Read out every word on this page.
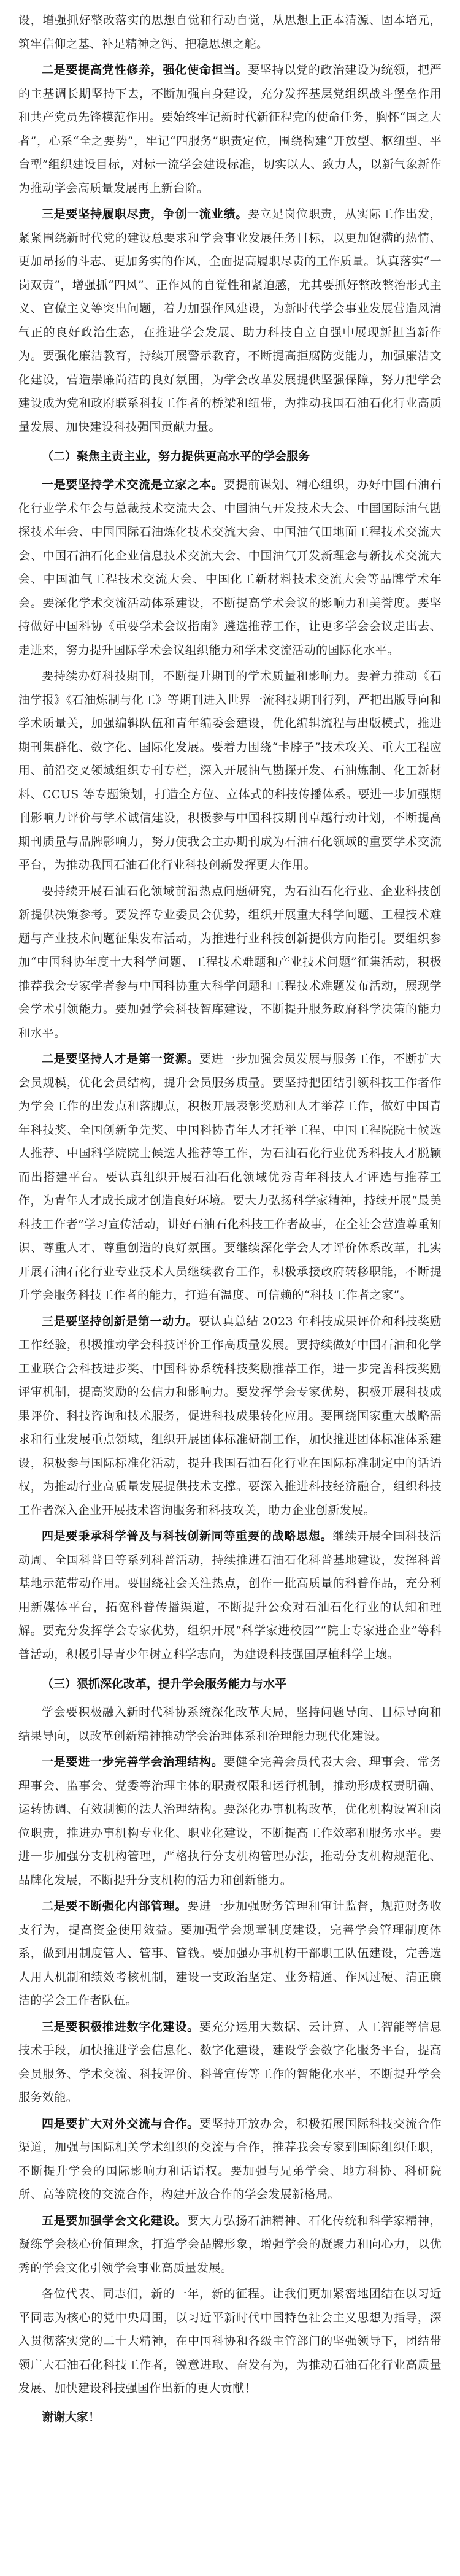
设，增强抓好整改落实的思想自觉和行动自觉，从思想上正本清源、固本培元，筑牢信仰之基、补足精神之钙、把稳思想之舵。

二是要提高党性修养，强化使命担当。要坚持以党的政治建设为统领，把严的主基调长期坚持下去，不断加强自身建设，充分发挥基层党组织战斗堡垒作用和共产党员先锋模范作用。要始终牢记新时代新征程党的使命任务，胸怀“国之大者”，心系“全之要势”，牢记“四服务”职责定位，围绕构建“开放型、枢纽型、平台型”组织建设目标，对标一流学会建设标准，切实以人、致力人，以新气象新作为推动学会高质量发展再上新台阶。

三是要坚持履职尽责，争创一流业绩。要立足岗位职责，从实际工作出发，紧紧围绕新时代党的建设总要求和学会事业发展任务目标，以更加饱满的热情、更加昂扬的斗志、更加务实的作风，全面提高履职尽责的工作质量。认真落实“一岗双责”，增强抓“四风”、正作风的自觉性和紧迫感，尤其要抓好整改整治形式主义、官僚主义等突出问题，着力加强作风建设，为新时代学会事业发展营造风清气正的良好政治生态，在推进学会发展、助力科技自立自强中展现新担当新作为。要强化廉洁教育，持续开展警示教育，不断提高拒腐防变能力，加强廉洁文化建设，营造崇廉尚洁的良好氛围，为学会改革发展提供坚强保障，努力把学会建设成为党和政府联系科技工作者的桥梁和纽带，为推动我国石油石化行业高质量发展、加快建设科技强国贡献力量。

（二）聚焦主责主业，努力提供更高水平的学会服务

一是要坚持学术交流是立家之本。要提前谋划、精心组织，办好中国石油石化行业学术年会与总裁技术交流大会、中国油气开发技术大会、中国国际油气勘探技术年会、中国国际石油炼化技术交流大会、中国油气田地面工程技术交流大会、中国石油石化企业信息技术交流大会、中国油气开发新理念与新技术交流大会、中国油气工程技术交流大会、中国化工新材料技术交流大会等品牌学术年会。要深化学术交流活动体系建设，不断提高学术会议的影响力和美誉度。要坚持做好中国科协《重要学术会议指南》遴选推荐工作，让更多学会会议走出去、走进来，努力提升国际学术会议组织能力和学术交流活动的国际化水平。

要持续办好科技期刊，不断提升期刊的学术质量和影响力。要着力推动《石油学报》《石油炼制与化工》等期刊进入世界一流科技期刊行列，严把出版导向和学术质量关，加强编辑队伍和青年编委会建设，优化编辑流程与出版模式，推进期刊集群化、数字化、国际化发展。要着力围绕“卡脖子”技术攻关、重大工程应用、前沿交叉领域组织专刊专栏，深入开展油气勘探开发、石油炼制、化工新材料、CCUS 等专题策划，打造全方位、立体式的科技传播体系。要进一步加强期刊影响力评价与学术诚信建设，积极参与中国科技期刊卓越行动计划，不断提高期刊质量与品牌影响力，努力使我会主办期刊成为石油石化领域的重要学术交流平台，为推动我国石油石化行业科技创新发挥更大作用。

要持续开展石油石化领域前沿热点问题研究，为石油石化行业、企业科技创新提供决策参考。要发挥专业委员会优势，组织开展重大科学问题、工程技术难题与产业技术问题征集发布活动，为推进行业科技创新提供方向指引。要组织参加“中国科协年度十大科学问题、工程技术难题和产业技术问题”征集活动，积极推荐我会专家学者参与中国科协重大科学问题和工程技术难题发布活动，展现学会学术引领能力。要加强学会科技智库建设，不断提升服务政府科学决策的能力和水平。

二是要坚持人才是第一资源。要进一步加强会员发展与服务工作，不断扩大会员规模，优化会员结构，提升会员服务质量。要坚持把团结引领科技工作者作为学会工作的出发点和落脚点，积极开展表彰奖励和人才举荐工作，做好中国青年科技奖、全国创新争先奖、中国科协青年人才托举工程、中国工程院院士候选人推荐、中国科学院院士候选人推荐等工作，为石油石化行业优秀科技人才脱颖而出搭建平台。要认真组织开展石油石化领域优秀青年科技人才评选与推荐工作，为青年人才成长成才创造良好环境。要大力弘扬科学家精神，持续开展“最美科技工作者”学习宣传活动，讲好石油石化科技工作者故事，在全社会营造尊重知识、尊重人才、尊重创造的良好氛围。要继续深化学会人才评价体系改革，扎实开展石油石化行业专业技术人员继续教育工作，积极承接政府转移职能，不断提升学会服务科技工作者的能力，打造有温度、可信赖的“科技工作者之家”。

三是要坚持创新是第一动力。要认真总结 2023 年科技成果评价和科技奖励工作经验，积极推动学会科技评价工作高质量发展。要持续做好中国石油和化学工业联合会科技进步奖、中国科协系统科技奖励推荐工作，进一步完善科技奖励评审机制，提高奖励的公信力和影响力。要发挥学会专家优势，积极开展科技成果评价、科技咨询和技术服务，促进科技成果转化应用。要围绕国家重大战略需求和行业发展重点领域，组织开展团体标准研制工作，加快推进团体标准体系建设，积极参与国际标准化活动，提升我国石油石化行业在国际标准制定中的话语权，为推动行业高质量发展提供技术支撑。要深入推进科技经济融合，组织科技工作者深入企业开展技术咨询服务和科技攻关，助力企业创新发展。

四是要秉承科学普及与科技创新同等重要的战略思想。继续开展全国科技活动周、全国科普日等系列科普活动，持续推进石油石化科普基地建设，发挥科普基地示范带动作用。要围绕社会关注热点，创作一批高质量的科普作品，充分利用新媒体平台，拓宽科普传播渠道，不断提升公众对石油石化行业的认知和理解。要充分发挥学会专家优势，组织开展“科学家进校园”“院士专家进企业”等科普活动，积极引导青少年树立科学志向，为建设科技强国厚植科学土壤。

（三）狠抓深化改革，提升学会服务能力与水平

学会要积极融入新时代科协系统深化改革大局，坚持问题导向、目标导向和结果导向，以改革创新精神推动学会治理体系和治理能力现代化建设。

一是要进一步完善学会治理结构。要健全完善会员代表大会、理事会、常务理事会、监事会、党委等治理主体的职责权限和运行机制，推动形成权责明确、运转协调、有效制衡的法人治理结构。要深化办事机构改革，优化机构设置和岗位职责，推进办事机构专业化、职业化建设，不断提高工作效率和服务水平。要进一步加强分支机构管理，严格执行分支机构管理办法，推动分支机构规范化、品牌化发展，不断提升分支机构的活力和创新能力。

二是要不断强化内部管理。要进一步加强财务管理和审计监督，规范财务收支行为，提高资金使用效益。要加强学会规章制度建设，完善学会管理制度体系，做到用制度管人、管事、管钱。要加强办事机构干部职工队伍建设，完善选人用人机制和绩效考核机制，建设一支政治坚定、业务精通、作风过硬、清正廉洁的学会工作者队伍。

三是要积极推进数字化建设。要充分运用大数据、云计算、人工智能等信息技术手段，加快推进学会信息化、数字化建设，建设学会数字化服务平台，提高会员服务、学术交流、科技评价、科普宣传等工作的智能化水平，不断提升学会服务效能。

四是要扩大对外交流与合作。要坚持开放办会，积极拓展国际科技交流合作渠道，加强与国际相关学术组织的交流与合作，推荐我会专家到国际组织任职，不断提升学会的国际影响力和话语权。要加强与兄弟学会、地方科协、科研院所、高等院校的交流合作，构建开放合作的学会发展新格局。

五是要加强学会文化建设。要大力弘扬石油精神、石化传统和科学家精神，凝练学会核心价值理念，打造学会品牌形象，增强学会的凝聚力和向心力，以优秀的学会文化引领学会事业高质量发展。

各位代表、同志们，新的一年，新的征程。让我们更加紧密地团结在以习近平同志为核心的党中央周围，以习近平新时代中国特色社会主义思想为指导，深入贯彻落实党的二十大精神，在中国科协和各级主管部门的坚强领导下，团结带领广大石油石化科技工作者，锐意进取、奋发有为，为推动石油石化行业高质量发展、加快建设科技强国作出新的更大贡献！

谢谢大家！
